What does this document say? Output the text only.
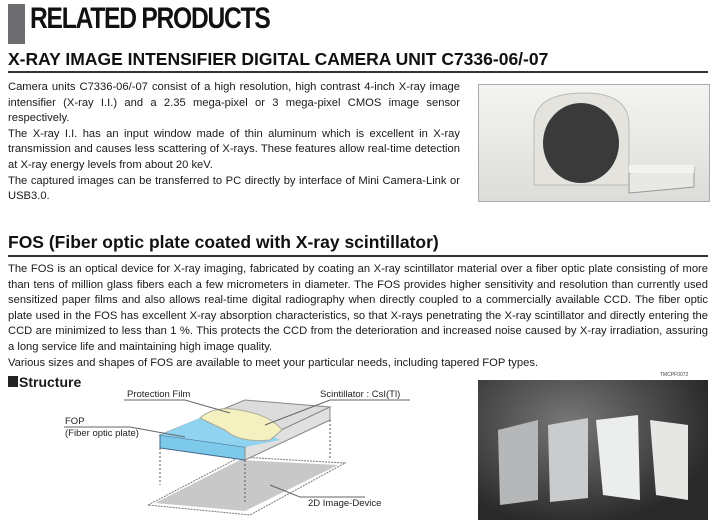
RELATED PRODUCTS
X-RAY IMAGE INTENSIFIER DIGITAL CAMERA UNIT C7336-06/-07

Camera units C7336-06/-07 consist of a high resolution, high contrast 4-inch X-ray image intensifier (X-ray I.I.) and a 2.35 mega-pixel or 3 mega-pixel CMOS image sensor respectively.

The X-ray I.I. has an input window made of thin aluminum which is excellent in X-ray transmission and causes less scattering of X-rays. These features allow real-time detection at X-ray energy levels from about 20 keV.

The captured images can be transferred to PC directly by interface of Mini Camera-Link or USB3.0.

FOS (Fiber optic plate coated with X-ray scintillator)

The FOS is an optical device for X-ray imaging, fabricated by coating an X-ray scintillator material over a fiber optic plate consisting of more than tens of million glass fibers each a few micrometers in diameter. The FOS provides higher sensitivity and resolution than currently used sensitized paper films and also allows real-time digital radiography when directly coupled to a commercially available CCD. The fiber optic plate used in the FOS has excellent X-ray absorption characteristics, so that X-rays penetrating the X-ray scintillator and directly entering the CCD are minimized to less than 1 %. This protects the CCD from the deterioration and increased noise caused by X-ray irradiation, assuring a long service life and maintaining high image quality.

Various sizes and shapes of FOS are available to meet your particular needs, including tapered FOP types.

Structure
Protection Film	Scintillator : CsI(Tl)
FOP
(Fiber optic plate)
2D Image-Device
TMCPF0072
